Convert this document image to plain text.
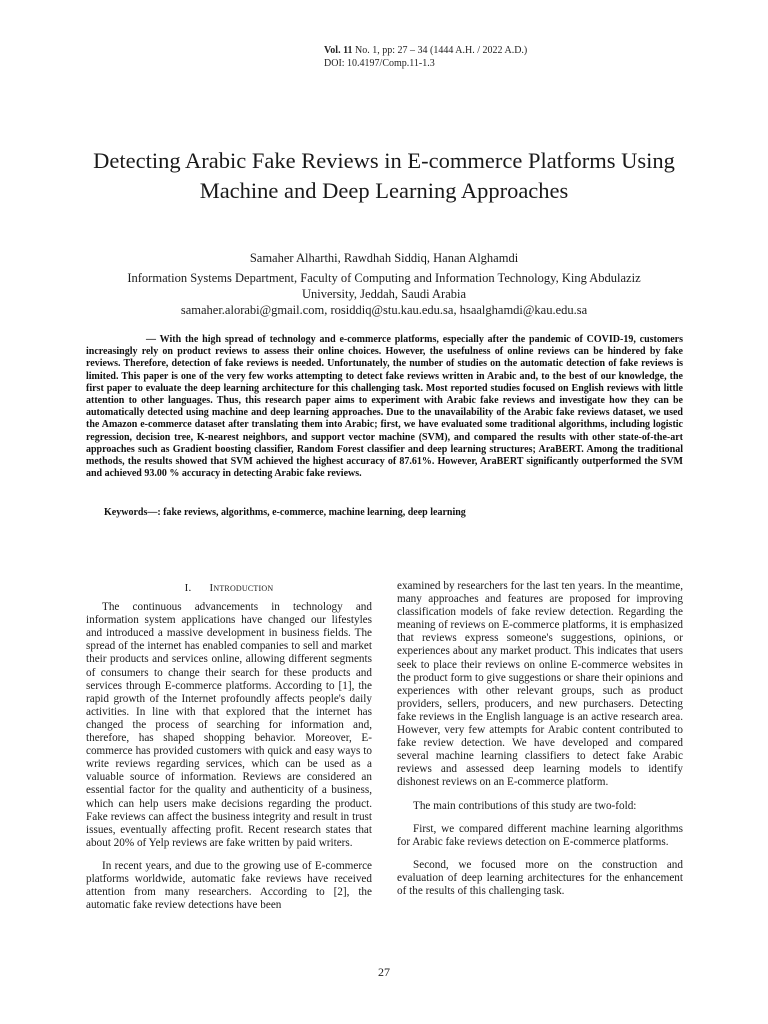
Vol. 11 No. 1, pp: 27 – 34 (1444 A.H. / 2022 A.D.)
DOI: 10.4197/Comp.11-1.3
Detecting Arabic Fake Reviews in E-commerce Platforms Using Machine and Deep Learning Approaches
Samaher Alharthi, Rawdhah Siddiq, Hanan Alghamdi
Information Systems Department, Faculty of Computing and Information Technology, King Abdulaziz
University, Jeddah, Saudi Arabia
samaher.alorabi@gmail.com, rosiddiq@stu.kau.edu.sa, hsaalghamdi@kau.edu.sa
— With the high spread of technology and e-commerce platforms, especially after the pandemic of COVID-19, customers increasingly rely on product reviews to assess their online choices. However, the usefulness of online reviews can be hindered by fake reviews. Therefore, detection of fake reviews is needed. Unfortunately, the number of studies on the automatic detection of fake reviews is limited. This paper is one of the very few works attempting to detect fake reviews written in Arabic and, to the best of our knowledge, the first paper to evaluate the deep learning architecture for this challenging task. Most reported studies focused on English reviews with little attention to other languages. Thus, this research paper aims to experiment with Arabic fake reviews and investigate how they can be automatically detected using machine and deep learning approaches. Due to the unavailability of the Arabic fake reviews dataset, we used the Amazon e-commerce dataset after translating them into Arabic; first, we have evaluated some traditional algorithms, including logistic regression, decision tree, K-nearest neighbors, and support vector machine (SVM), and compared the results with other state-of-the-art approaches such as Gradient boosting classifier, Random Forest classifier and deep learning structures; AraBERT. Among the traditional methods, the results showed that SVM achieved the highest accuracy of 87.61%. However, AraBERT significantly outperformed the SVM and achieved 93.00 % accuracy in detecting Arabic fake reviews.
Keywords—: fake reviews, algorithms, e-commerce, machine learning, deep learning
I. Introduction

The continuous advancements in technology and information system applications have changed our lifestyles and introduced a massive development in business fields. The spread of the internet has enabled companies to sell and market their products and services online, allowing different segments of consumers to change their search for these products and services through E-commerce platforms. According to [1], the rapid growth of the Internet profoundly affects people's daily activities. In line with that explored that the internet has changed the process of searching for information and, therefore, has shaped shopping behavior. Moreover, E-commerce has provided customers with quick and easy ways to write reviews regarding services, which can be used as a valuable source of information. Reviews are considered an essential factor for the quality and authenticity of a business, which can help users make decisions regarding the product. Fake reviews can affect the business integrity and result in trust issues, eventually affecting profit. Recent research states that about 20% of Yelp reviews are fake written by paid writers.

In recent years, and due to the growing use of E-commerce platforms worldwide, automatic fake reviews have received attention from many researchers. According to [2], the automatic fake review detections have been

examined by researchers for the last ten years. In the meantime, many approaches and features are proposed for improving classification models of fake review detection. Regarding the meaning of reviews on E-commerce platforms, it is emphasized that reviews express someone's suggestions, opinions, or experiences about any market product. This indicates that users seek to place their reviews on online E-commerce websites in the product form to give suggestions or share their opinions and experiences with other relevant groups, such as product providers, sellers, producers, and new purchasers. Detecting fake reviews in the English language is an active research area. However, very few attempts for Arabic content contributed to fake review detection. We have developed and compared several machine learning classifiers to detect fake Arabic reviews and assessed deep learning models to identify dishonest reviews on an E-commerce platform.

The main contributions of this study are two-fold:

First, we compared different machine learning algorithms for Arabic fake reviews detection on E-commerce platforms.

Second, we focused more on the construction and evaluation of deep learning architectures for the enhancement of the results of this challenging task.

27
